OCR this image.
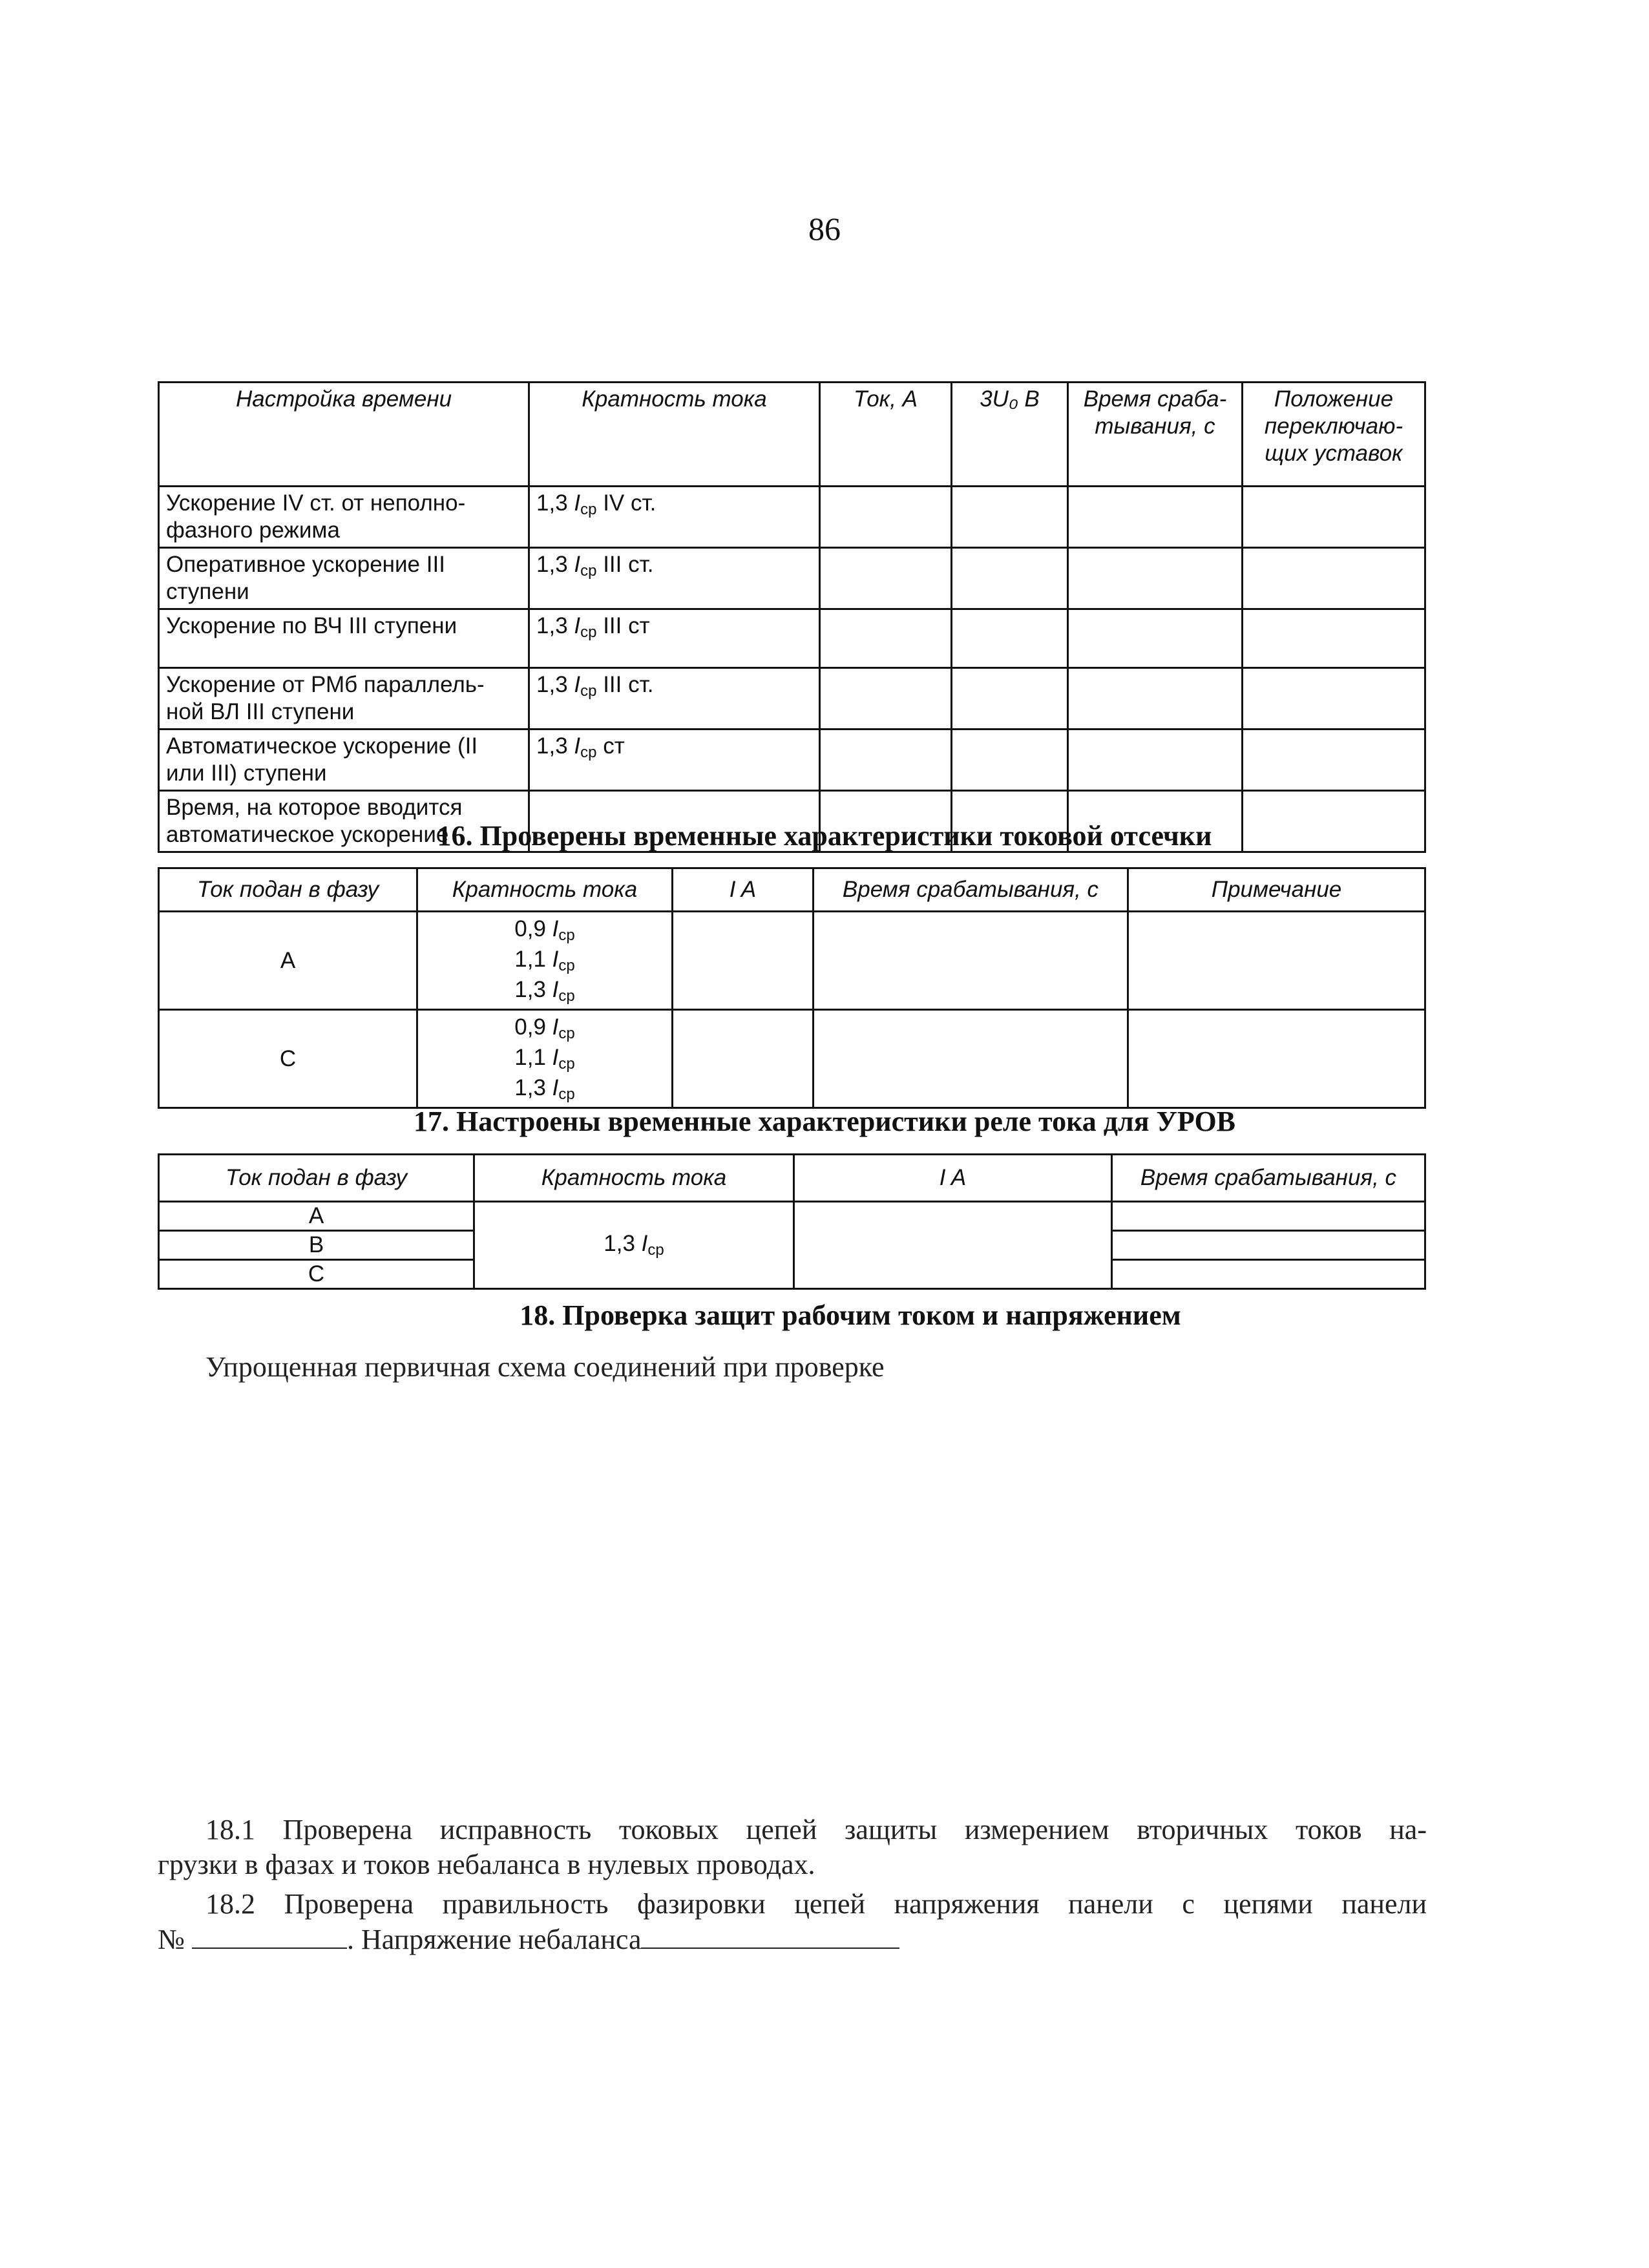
86
Настройка времени	Кратность тока	Ток, А	3U₀ В	Время сраба-тывания, с	Положение переключаю-щих уставок
Ускорение IV ст. от неполно-фазного режима	1,3 $I_{ср}$ IV ст.				
Оперативное ускорение III ступени	1,3 $I_{ср}$ III ст.				
Ускорение по ВЧ III ступени	1,3 $I_{ср}$ III ст				
Ускорение от РМб параллель-ной ВЛ III ступени	1,3 $I_{ср}$ III ст.				
Автоматическое ускорение (II или III) ступени	1,3 $I_{ср}$ ст				
Время, на которое вводится автоматическое ускорение					
16. Проверены временные характеристики токовой отсечки
Ток подан в фазу	Кратность тока	I A	Время срабатывания, с	Примечание
А	0,9 $I_{ср}$
1,1 $I_{ср}$
1,3 $I_{ср}$

С	0,9 $I_{ср}$
1,1 $I_{ср}$
1,3 $I_{ср}$

17. Настроены временные характеристики реле тока для УРОВ
Ток подан в фазу	Кратность тока	I A	Время срабатывания, с
А	1,3 $I_{ср}$		
В			
С			
18. Проверка защит рабочим током и напряжением
Упрощенная первичная схема соединений при проверке
18.1 Проверена исправность токовых цепей защиты измерением вторичных токов на-
грузки в фазах и токов небаланса в нулевых проводах.
18.2 Проверена правильность фазировки цепей напряжения панели с цепями панели
№	. Напряжение небаланса
